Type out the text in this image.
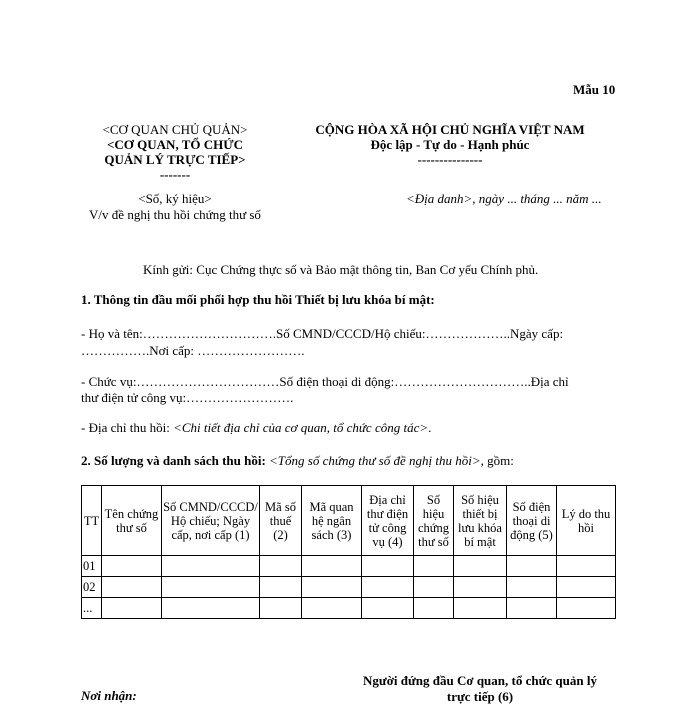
Mẫu 10
<CƠ QUAN CHỦ QUẢN>
<CƠ QUAN, TỔ CHỨC
QUẢN LÝ TRỰC TIẾP>
-------
<Số, ký hiệu>
V/v đề nghị thu hồi chứng thư số
CỘNG HÒA XÃ HỘI CHỦ NGHĨA VIỆT NAM
Độc lập - Tự do - Hạnh phúc
---------------
<Địa danh>, ngày ... tháng ... năm ...
Kính gửi: Cục Chứng thực số và Bảo mật thông tin, Ban Cơ yếu Chính phủ.
1. Thông tin đầu mối phối hợp thu hồi Thiết bị lưu khóa bí mật:
- Họ và tên:………………………….Số CMND/CCCD/Hộ chiếu:………………..Ngày cấp:
…………….Nơi cấp: …………………….
- Chức vụ:……………………………Số điện thoại di động:…………………………..Địa chỉ
thư điện tử công vụ:…………………….
- Địa chỉ thu hồi: <Chi tiết địa chỉ của cơ quan, tổ chức công tác>.
2. Số lượng và danh sách thu hồi: <Tổng số chứng thư số đề nghị thu hồi>, gồm:
TT	Tên chứng thư số	Số CMND/CCCD/ Hộ chiếu; Ngày cấp, nơi cấp (1)	Mã số thuế (2)	Mã quan hệ ngân sách (3)	Địa chỉ thư điện tử công vụ (4)	Số hiệu chứng thư số	Số hiệu thiết bị lưu khóa bí mật	Số điện thoại di động (5)	Lý do thu hồi
01									
02									
...									
Nơi nhận:
Người đứng đầu Cơ quan, tổ chức quản lý
trực tiếp (6)
